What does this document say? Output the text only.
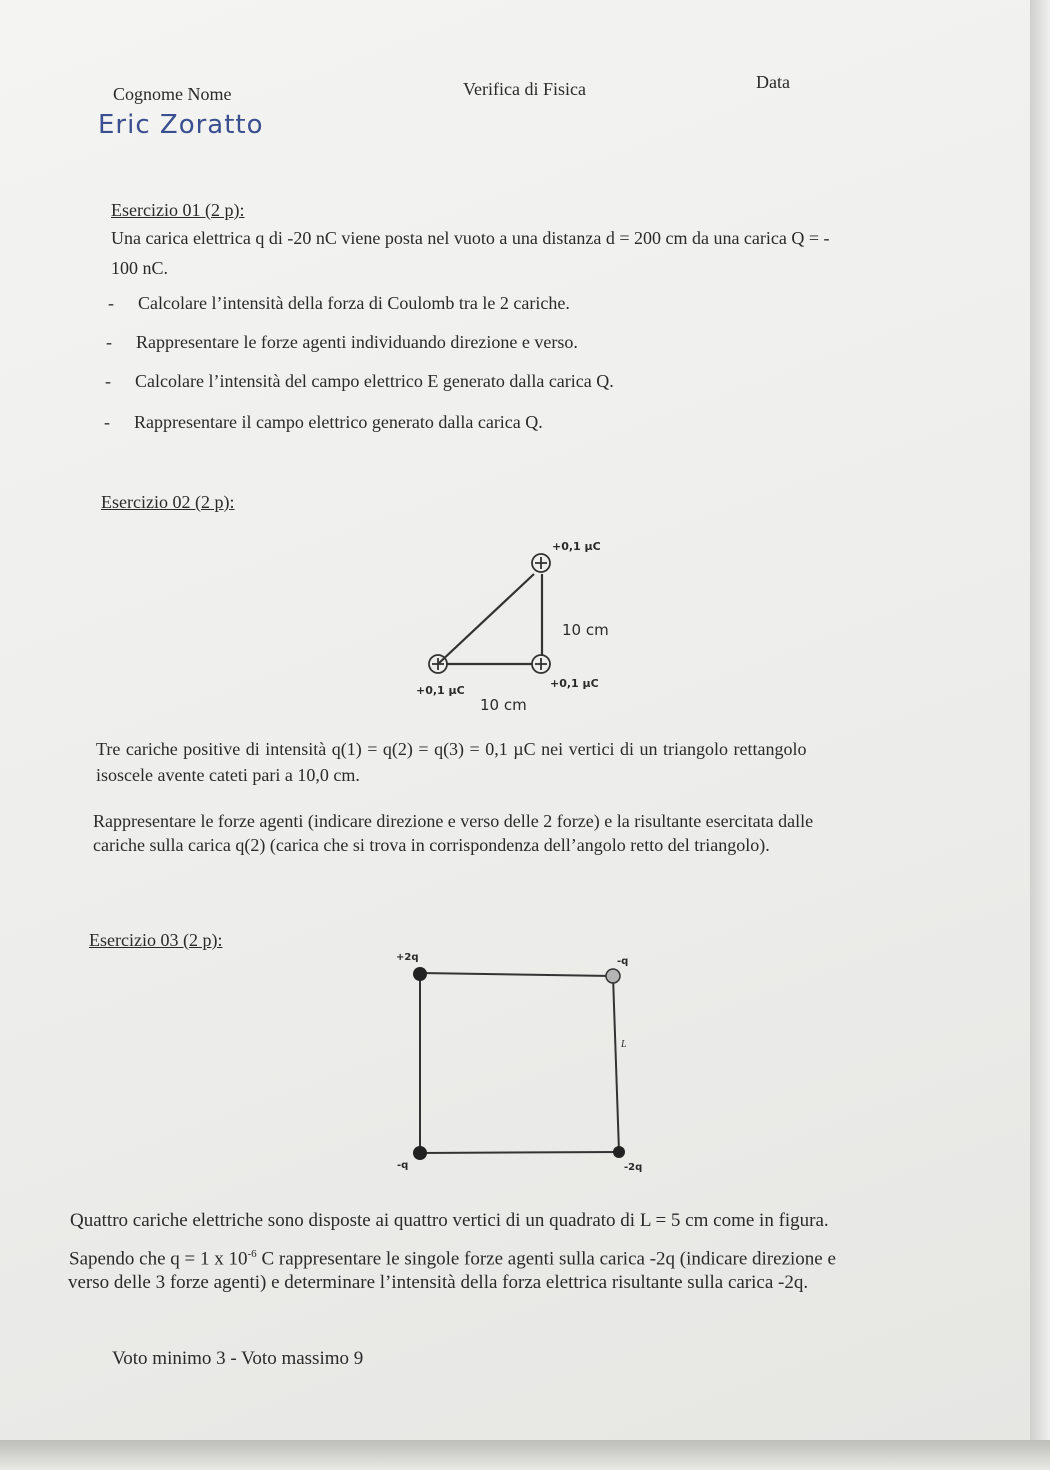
Cognome Nome	Verifica di Fisica	Data
Eric Zoratto
Esercizio 01 (2 p):
Una carica elettrica q di -20 nC viene posta nel vuoto a una distanza d = 200 cm da una carica Q = -
100 nC.
- Calcolare l’intensità della forza di Coulomb tra le 2 cariche.
- Rappresentare le forze agenti individuando direzione e verso.
- Calcolare l’intensità del campo elettrico E generato dalla carica Q.
- Rappresentare il campo elettrico generato dalla carica Q.
Esercizio 02 (2 p):
+0,1 µC
10 cm
+0,1 µC
+0,1 µC
10 cm
Tre cariche positive di intensità q(1) = q(2) = q(3) = 0,1 µC nei vertici di un triangolo rettangolo
isoscele avente cateti pari a 10,0 cm.
Rappresentare le forze agenti (indicare direzione e verso delle 2 forze) e la risultante esercitata dalle
cariche sulla carica q(2) (carica che si trova in corrispondenza dell’angolo retto del triangolo).
Esercizio 03 (2 p):
+2q	-q
L
-q	-2q
Quattro cariche elettriche sono disposte ai quattro vertici di un quadrato di L = 5 cm come in figura.
Sapendo che q = 1 x $10^{-6}$ C rappresentare le singole forze agenti sulla carica -2q (indicare direzione e
verso delle 3 forze agenti) e determinare l’intensità della forza elettrica risultante sulla carica -2q.
Voto minimo 3 - Voto massimo 9
